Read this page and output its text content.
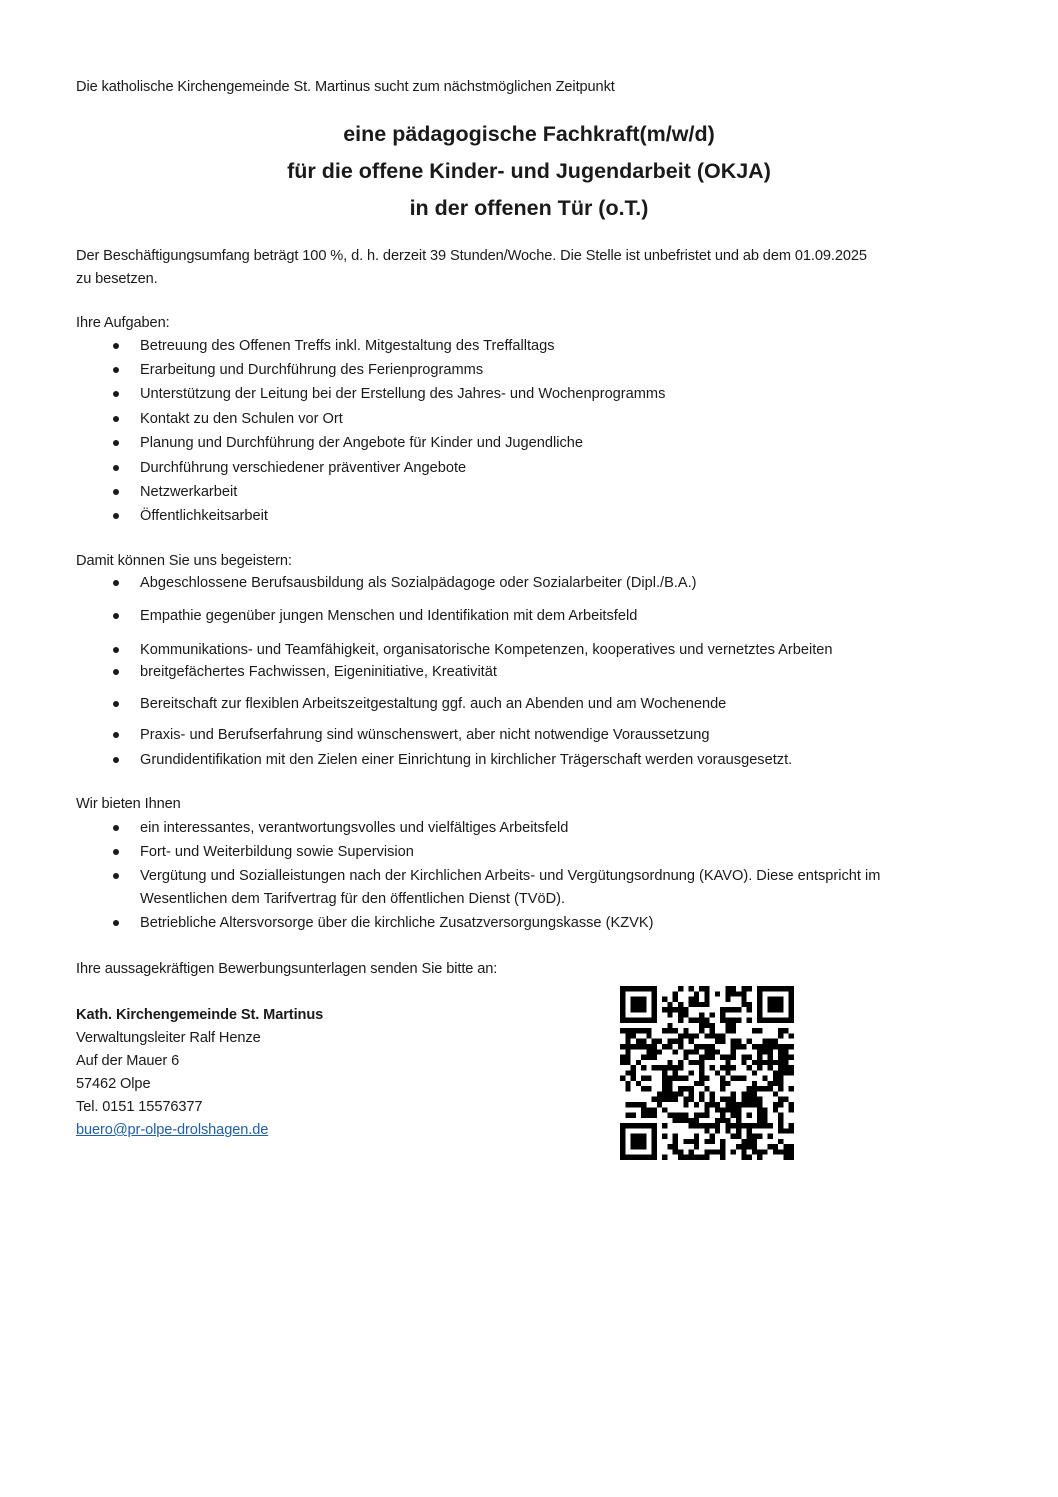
Die katholische Kirchengemeinde St. Martinus sucht zum nächstmöglichen Zeitpunkt
eine pädagogische Fachkraft(m/w/d)
für die offene Kinder- und Jugendarbeit (OKJA)
in der offenen Tür (o.T.)
Der Beschäftigungsumfang beträgt 100 %, d. h. derzeit 39 Stunden/Woche. Die Stelle ist unbefristet und ab dem 01.09.2025
zu besetzen.
Ihre Aufgaben:
Betreuung des Offenen Treffs inkl. Mitgestaltung des Treffalltags
Erarbeitung und Durchführung des Ferienprogramms
Unterstützung der Leitung bei der Erstellung des Jahres- und Wochenprogramms
Kontakt zu den Schulen vor Ort
Planung und Durchführung der Angebote für Kinder und Jugendliche
Durchführung verschiedener präventiver Angebote
Netzwerkarbeit
Öffentlichkeitsarbeit
Damit können Sie uns begeistern:
Abgeschlossene Berufsausbildung als Sozialpädagoge oder Sozialarbeiter (Dipl./B.A.)
Empathie gegenüber jungen Menschen und Identifikation mit dem Arbeitsfeld
Kommunikations- und Teamfähigkeit, organisatorische Kompetenzen, kooperatives und vernetztes Arbeiten
breitgefächertes Fachwissen, Eigeninitiative, Kreativität
Bereitschaft zur flexiblen Arbeitszeitgestaltung ggf. auch an Abenden und am Wochenende
Praxis- und Berufserfahrung sind wünschenswert, aber nicht notwendige Voraussetzung
Grundidentifikation mit den Zielen einer Einrichtung in kirchlicher Trägerschaft werden vorausgesetzt.
Wir bieten Ihnen
ein interessantes, verantwortungsvolles und vielfältiges Arbeitsfeld
Fort- und Weiterbildung sowie Supervision
Vergütung und Sozialleistungen nach der Kirchlichen Arbeits- und Vergütungsordnung (KAVO). Diese entspricht im
Wesentlichen dem Tarifvertrag für den öffentlichen Dienst (TVöD).
Betriebliche Altersvorsorge über die kirchliche Zusatzversorgungskasse (KZVK)
Ihre aussagekräftigen Bewerbungsunterlagen senden Sie bitte an:
Kath. Kirchengemeinde St. Martinus
Verwaltungsleiter Ralf Henze
Auf der Mauer 6
57462 Olpe
Tel. 0151 15576377
buero@pr-olpe-drolshagen.de
